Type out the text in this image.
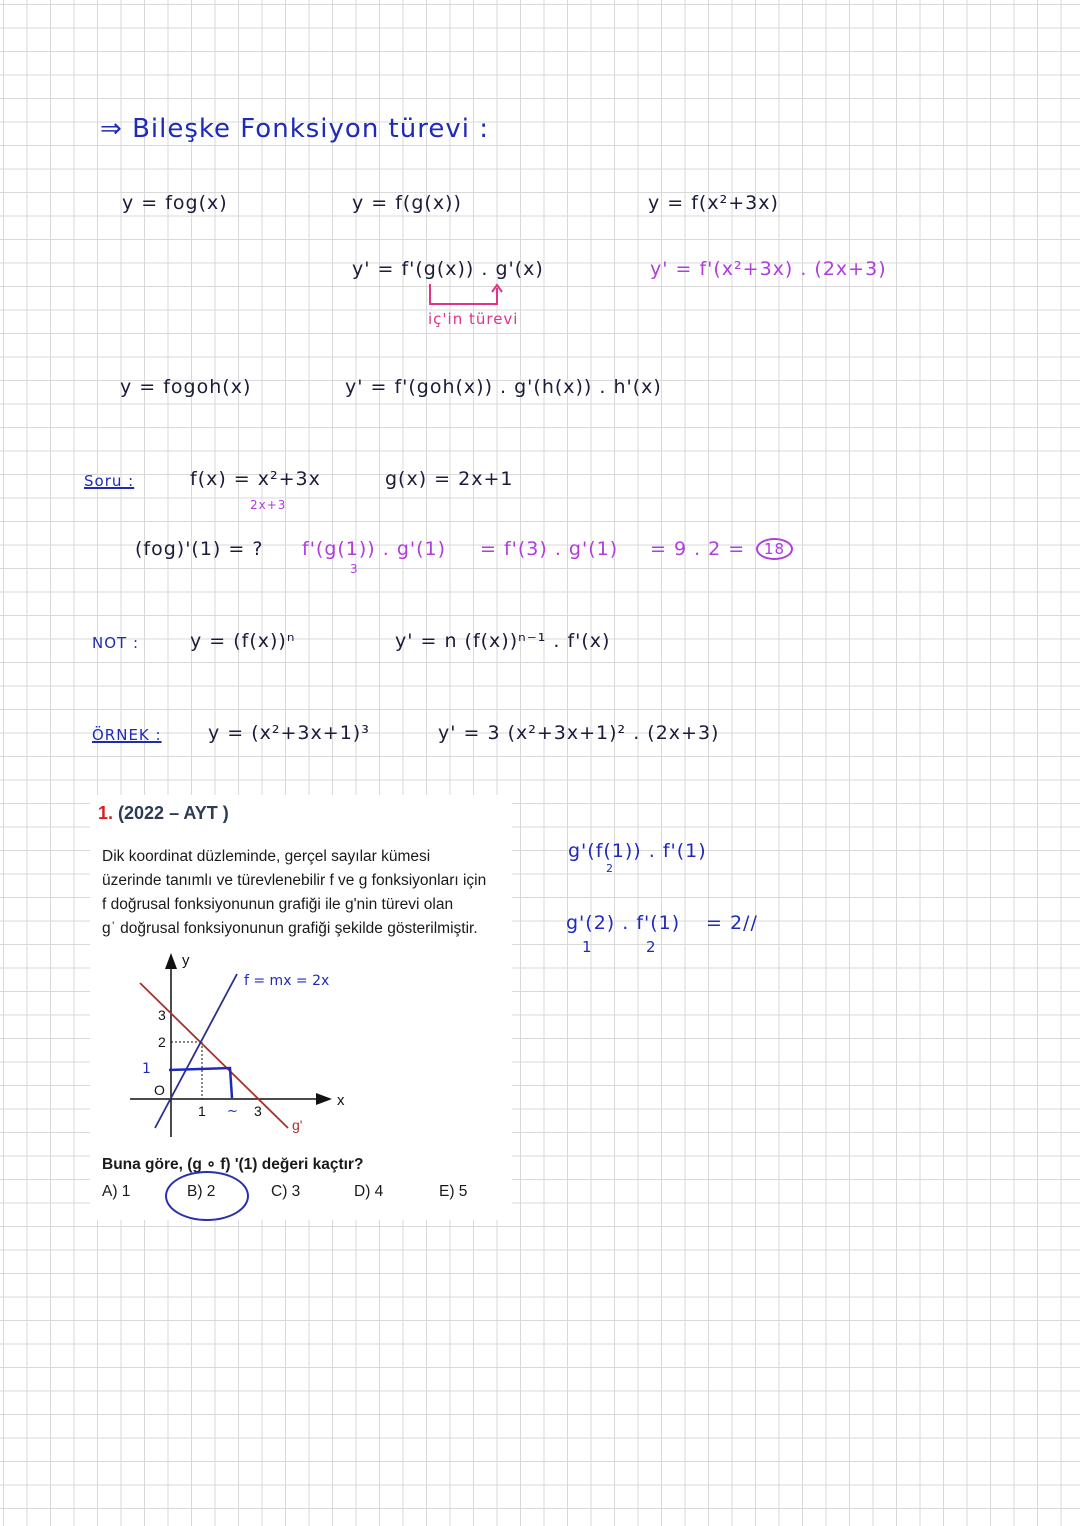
⇒ Bileşke Fonksiyon türevi :
y = fog(x)	y = f(g(x))
y' = f'(g(x)) . g'(x)
iç'in türevi
y = f(x²+3x)
y' = f'(x²+3x) . (2x+3)
y = fogoh(x)	y' = f'(goh(x)) . g'(h(x)) . h'(x)
Soru :	f(x) = x²+3x
2x+3
g(x) = 2x+1
(fog)'(1) = ? f'(g(1)) . g'(1)
3
= f'(3) . g'(1) = 9 . 2 =	18
NOT :	y = (f(x))ⁿ	y' = n (f(x))ⁿ⁻¹ . f'(x)
ÖRNEK : y = (x²+3x+1)³	y' = 3 (x²+3x+1)² . (2x+3)
1. (2022 – AYT )
Dik koordinat düzleminde, gerçel sayılar kümesi
üzerinde tanımlı ve türevlenebilir f ve g fonksiyonları için
f doğrusal fonksiyonunun grafiği ile g'nin türevi olan
gˈ doğrusal fonksiyonunun grafiği şekilde gösterilmiştir.
x
y
O
1	3
2
3
g'
f = mx = 2x
1
~
Buna göre, (g ∘ f) '(1) değeri kaçtır?
A) 1	B) 2	C) 3	D) 4	E) 5
g'(f(1)) . f'(1)
2
g'(2) . f'(1)
1	2
= 2//
